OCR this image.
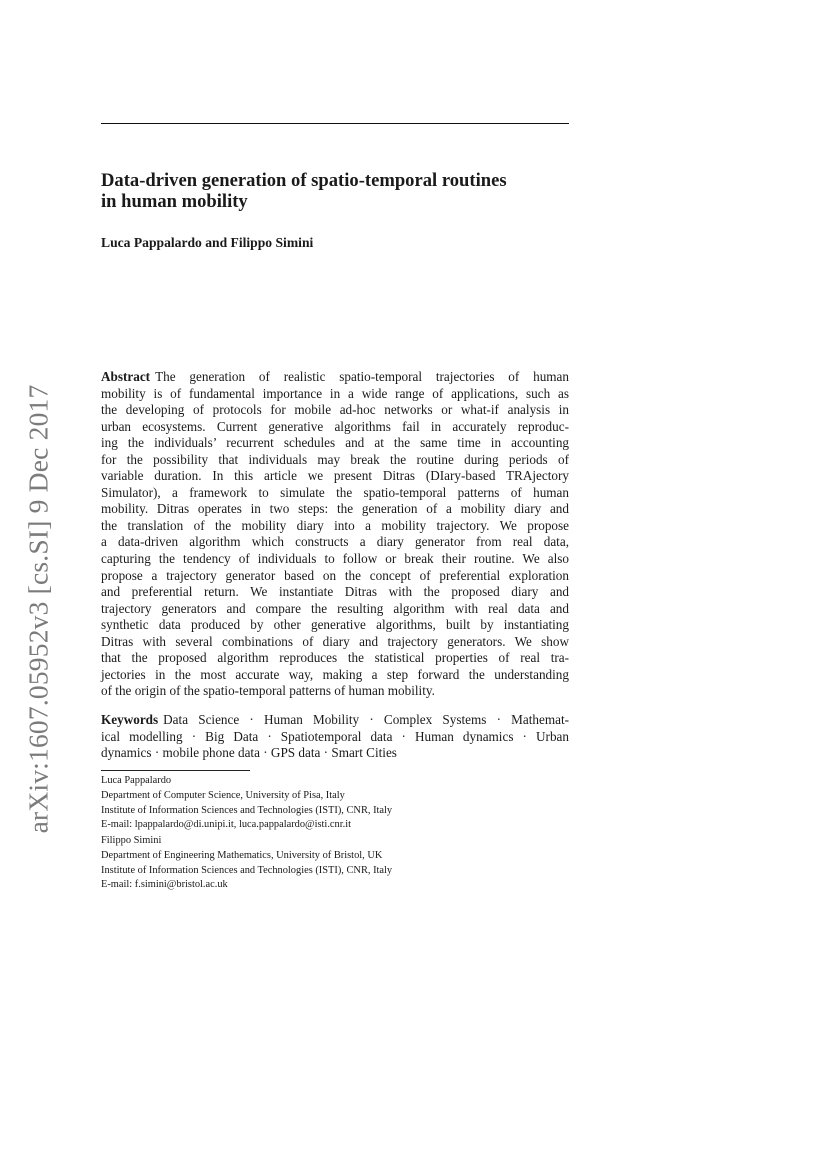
arXiv:1607.05952v3 [cs.SI] 9 Dec 2017
Data-driven generation of spatio-temporal routines
in human mobility
Luca Pappalardo and Filippo Simini
Abstract The generation of realistic spatio-temporal trajectories of human
mobility is of fundamental importance in a wide range of applications, such as
the developing of protocols for mobile ad-hoc networks or what-if analysis in
urban ecosystems. Current generative algorithms fail in accurately reproduc-
ing the individuals’ recurrent schedules and at the same time in accounting
for the possibility that individuals may break the routine during periods of
variable duration. In this article we present Ditras (DIary-based TRAjectory
Simulator), a framework to simulate the spatio-temporal patterns of human
mobility. Ditras operates in two steps: the generation of a mobility diary and
the translation of the mobility diary into a mobility trajectory. We propose
a data-driven algorithm which constructs a diary generator from real data,
capturing the tendency of individuals to follow or break their routine. We also
propose a trajectory generator based on the concept of preferential exploration
and preferential return. We instantiate Ditras with the proposed diary and
trajectory generators and compare the resulting algorithm with real data and
synthetic data produced by other generative algorithms, built by instantiating
Ditras with several combinations of diary and trajectory generators. We show
that the proposed algorithm reproduces the statistical properties of real tra-
jectories in the most accurate way, making a step forward the understanding
of the origin of the spatio-temporal patterns of human mobility.
Keywords Data Science · Human Mobility · Complex Systems · Mathemat-
ical modelling · Big Data · Spatiotemporal data · Human dynamics · Urban
dynamics · mobile phone data · GPS data · Smart Cities
Luca Pappalardo
Department of Computer Science, University of Pisa, Italy
Institute of Information Sciences and Technologies (ISTI), CNR, Italy
E-mail: lpappalardo@di.unipi.it, luca.pappalardo@isti.cnr.it
Filippo Simini
Department of Engineering Mathematics, University of Bristol, UK
Institute of Information Sciences and Technologies (ISTI), CNR, Italy
E-mail: f.simini@bristol.ac.uk
